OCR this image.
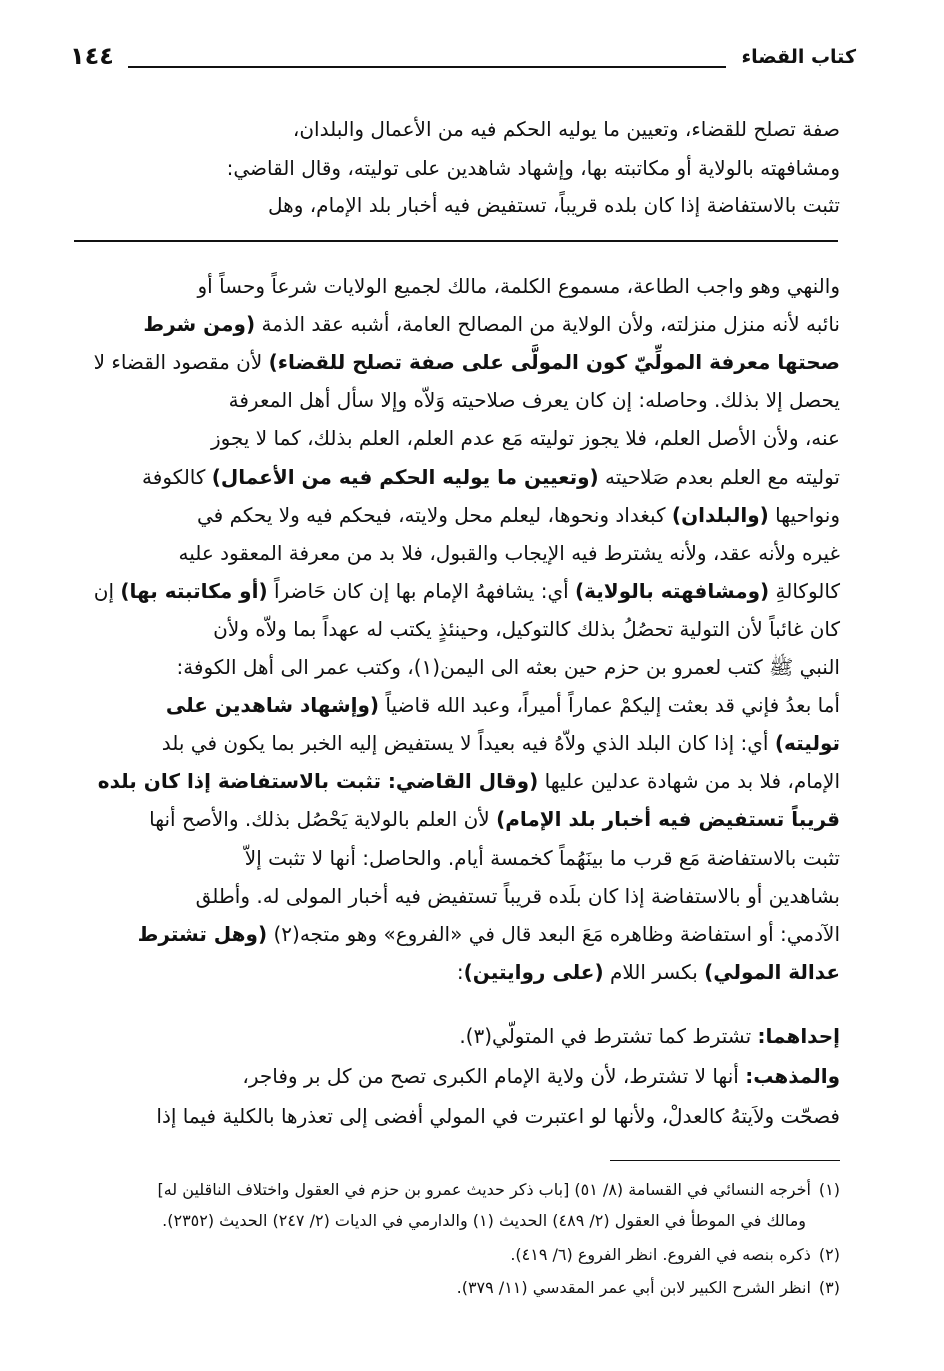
كتاب القضاء
١٤٤
صفة تصلح للقضاء، وتعيين ما يوليه الحكم فيه من الأعمال والبلدان،
ومشافهته بالولاية أو مكاتبته بها، وإشهاد شاهدين على توليته، وقال القاضي:
تثبت بالاستفاضة إذا كان بلده قريباً، تستفيض فيه أخبار بلد الإمام، وهل
والنهي وهو واجب الطاعة، مسموع الكلمة، مالك لجميع الولايات شرعاً وحساً أو
نائبه لأنه منزل منزلته، ولأن الولاية من المصالح العامة، أشبه عقد الذمة (ومن شرط
صحتها معرفة المولِّيّ كون المولَّى على صفة تصلح للقضاء) لأن مقصود القضاء لا
يحصل إلا بذلك. وحاصله: إن كان يعرف صلاحيته وَلاّه وإلا سأل أهل المعرفة
عنه، ولأن الأصل العلم، فلا يجوز توليته مَع عدم العلم، العلم بذلك، كما لا يجوز
توليته مع العلم بعدم صَلاحيته (وتعيين ما يوليه الحكم فيه من الأعمال) كالكوفة
ونواحيها (والبلدان) كبغداد ونحوها، ليعلم محل ولايته، فيحكم فيه ولا يحكم في
غيره ولأنه عقد، ولأنه يشترط فيه الإيجاب والقبول، فلا بد من معرفة المعقود عليه
كالوكالةِ (ومشافهته بالولاية) أي: يشافههُ الإمام بها إن كان حَاضراً (أو مكاتبته بها) إن
كان غائباً لأن التولية تحصُلُ بذلك كالتوكيل، وحينئذٍ يكتب له عهداً بما ولاّه ولأن
النبي ﷺ كتب لعمرو بن حزم حين بعثه الى اليمن(١)، وكتب عمر الى أهل الكوفة:
أما بعدُ فإني قد بعثت إليكمْ عماراً أميراً، وعبد الله قاضياً (وإشهاد شاهدين على
توليته) أي: إذا كان البلد الذي ولاّهُ فيه بعيداً لا يستفيض إليه الخبر بما يكون في بلد
الإمام، فلا بد من شهادة عدلين عليها (وقال القاضي: تثبت بالاستفاضة إذا كان بلده
قريباً تستفيض فيه أخبار بلد الإمام) لأن العلم بالولاية يَحْصُل بذلك. والأصح أنها
تثبت بالاستفاضة مَع قرب ما بينَهُماً كخمسة أيام. والحاصل: أنها لا تثبت إلاّ
بشاهدين أو بالاستفاضة إذا كان بلَده قريباً تستفيض فيه أخبار المولى له. وأطلق
الآدمي: أو استفاضة وظاهره مَعَ البعد قال في «الفروع» وهو متجه(٢) (وهل تشترط
عدالة المولي) بكسر اللام (على روايتين):
إحداهما: تشترط كما تشترط في المتولّي(٣).
والمذهب: أنها لا تشترط، لأن ولاية الإمام الكبرى تصح من كل بر وفاجر،
فصحّت ولاَيتهُ كالعدلْ، ولأنها لو اعتبرت في المولي أفضى إلى تعذرها بالكلية فيما إذا
(١)أخرجه النسائي في القسامة (٨/ ٥١) [باب ذكر حديث عمرو بن حزم في العقول واختلاف الناقلين له]
ومالك في الموطأ في العقول (٢/ ٤٨٩) الحديث (١) والدارمي في الديات (٢/ ٢٤٧) الحديث (٢٣٥٢).
(٢)ذكره بنصه في الفروع. انظر الفروع (٦/ ٤١٩).
(٣)انظر الشرح الكبير لابن أبي عمر المقدسي (١١/ ٣٧٩).
